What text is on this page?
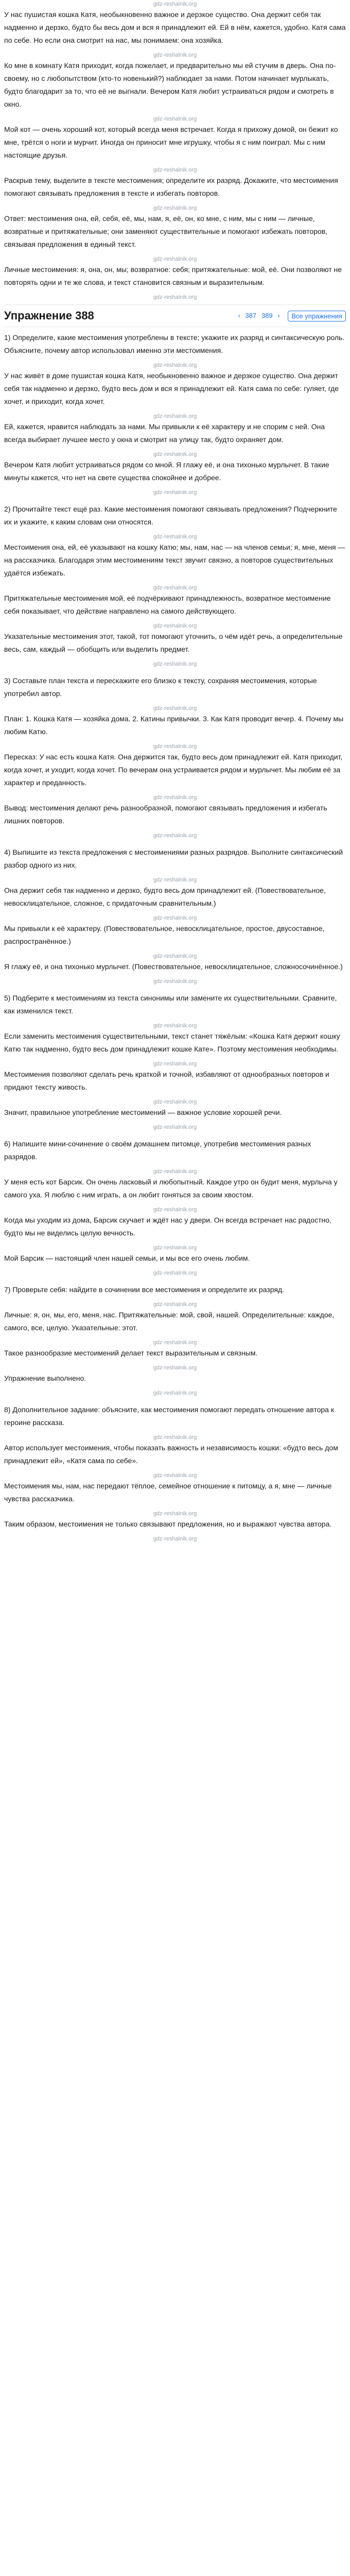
gdz-reshalnik.org

У нас пушистая кошка Катя, необыкновенно важное и дерзкое существо. Она держит себя так надменно и дерзко, будто бы весь дом и вся я принадлежит ей. Ей в нём, кажется, удобно. Катя сама по себе. Но если она смотрит на нас, мы понимаем: она хозяйка.

gdz-reshalnik.org

Ко мне в комнату Катя приходит, когда пожелает, и предварительно мы ей стучим в дверь. Она по-своему, но с любопытством (кто-то новенький?) наблюдает за нами. Потом начинает мурлыкать, будто благодарит за то, что её не выгнали. Вечером Катя любит устраиваться рядом и смотреть в окно.

gdz-reshalnik.org

Мой кот — очень хороший кот, который всегда меня встречает. Когда я прихожу домой, он бежит ко мне, трётся о ноги и мурчит. Иногда он приносит мне игрушку, чтобы я с ним поиграл. Мы с ним настоящие друзья.

gdz-reshalnik.org

Раскрыв тему, выделите в тексте местоимения; определите их разряд. Докажите, что местоимения помогают связывать предложения в тексте и избегать повторов.

gdz-reshalnik.org

Ответ: местоимения она, ей, себя, её, мы, нам, я, её, он, ко мне, с ним, мы с ним — личные, возвратные и притяжательные; они заменяют существительные и помогают избежать повторов, связывая предложения в единый текст.

gdz-reshalnik.org

Личные местоимения: я, она, он, мы; возвратное: себя; притяжательные: мой, её. Они позволяют не повторять одни и те же слова, и текст становится связным и выразительным.

gdz-reshalnik.org
Упражнение 388	‹ 387 389 ›	Все упражнения

1) Определите, какие местоимения употреблены в тексте; укажите их разряд и синтаксическую роль. Объясните, почему автор использовал именно эти местоимения.

gdz-reshalnik.org

У нас живёт в доме пушистая кошка Катя, необыкновенно важное и дерзкое существо. Она держит себя так надменно и дерзко, будто весь дом и вся я принадлежит ей. Катя сама по себе: гуляет, где хочет, и приходит, когда хочет.

gdz-reshalnik.org

Ей, кажется, нравится наблюдать за нами. Мы привыкли к её характеру и не спорим с ней. Она всегда выбирает лучшее место у окна и смотрит на улицу так, будто охраняет дом.

gdz-reshalnik.org

Вечером Катя любит устраиваться рядом со мной. Я глажу её, и она тихонько мурлычет. В такие минуты кажется, что нет на свете существа спокойнее и добрее.

gdz-reshalnik.org

2) Прочитайте текст ещё раз. Какие местоимения помогают связывать предложения? Подчеркните их и укажите, к каким словам они относятся.

gdz-reshalnik.org

Местоимения она, ей, её указывают на кошку Катю; мы, нам, нас — на членов семьи; я, мне, меня — на рассказчика. Благодаря этим местоимениям текст звучит связно, а повторов существительных удаётся избежать.

gdz-reshalnik.org

Притяжательные местоимения мой, её подчёркивают принадлежность, возвратное местоимение себя показывает, что действие направлено на самого действующего.

gdz-reshalnik.org

Указательные местоимения этот, такой, тот помогают уточнить, о чём идёт речь, а определительные весь, сам, каждый — обобщить или выделить предмет.

gdz-reshalnik.org

3) Составьте план текста и перескажите его близко к тексту, сохраняя местоимения, которые употребил автор.

gdz-reshalnik.org

План: 1. Кошка Катя — хозяйка дома. 2. Катины привычки. 3. Как Катя проводит вечер. 4. Почему мы любим Катю.

gdz-reshalnik.org

Пересказ: У нас есть кошка Катя. Она держится так, будто весь дом принадлежит ей. Катя приходит, когда хочет, и уходит, когда хочет. По вечерам она устраивается рядом и мурлычет. Мы любим её за характер и преданность.

gdz-reshalnik.org

Вывод: местоимения делают речь разнообразной, помогают связывать предложения и избегать лишних повторов.

gdz-reshalnik.org

4) Выпишите из текста предложения с местоимениями разных разрядов. Выполните синтаксический разбор одного из них.

gdz-reshalnik.org

Она держит себя так надменно и дерзко, будто весь дом принадлежит ей. (Повествовательное, невосклицательное, сложное, с придаточным сравнительным.)

gdz-reshalnik.org

Мы привыкли к её характеру. (Повествовательное, невосклицательное, простое, двусоставное, распространённое.)

gdz-reshalnik.org

Я глажу её, и она тихонько мурлычет. (Повествовательное, невосклицательное, сложносочинённое.)

gdz-reshalnik.org

5) Подберите к местоимениям из текста синонимы или замените их существительными. Сравните, как изменился текст.

gdz-reshalnik.org

Если заменить местоимения существительными, текст станет тяжёлым: «Кошка Катя держит кошку Катю так надменно, будто весь дом принадлежит кошке Кате». Поэтому местоимения необходимы.

gdz-reshalnik.org

Местоимения позволяют сделать речь краткой и точной, избавляют от однообразных повторов и придают тексту живость.

gdz-reshalnik.org

Значит, правильное употребление местоимений — важное условие хорошей речи.

gdz-reshalnik.org

6) Напишите мини-сочинение о своём домашнем питомце, употребив местоимения разных разрядов.

gdz-reshalnik.org

У меня есть кот Барсик. Он очень ласковый и любопытный. Каждое утро он будит меня, мурлыча у самого уха. Я люблю с ним играть, а он любит гоняться за своим хвостом.

gdz-reshalnik.org

Когда мы уходим из дома, Барсик скучает и ждёт нас у двери. Он всегда встречает нас радостно, будто мы не виделись целую вечность.

gdz-reshalnik.org

Мой Барсик — настоящий член нашей семьи, и мы все его очень любим.

gdz-reshalnik.org

7) Проверьте себя: найдите в сочинении все местоимения и определите их разряд.

gdz-reshalnik.org

Личные: я, он, мы, его, меня, нас. Притяжательные: мой, свой, нашей. Определительные: каждое, самого, все, целую. Указательные: этот.

gdz-reshalnik.org

Такое разнообразие местоимений делает текст выразительным и связным.

gdz-reshalnik.org

Упражнение выполнено.

gdz-reshalnik.org

8) Дополнительное задание: объясните, как местоимения помогают передать отношение автора к героине рассказа.

gdz-reshalnik.org

Автор использует местоимения, чтобы показать важность и независимость кошки: «будто весь дом принадлежит ей», «Катя сама по себе».

gdz-reshalnik.org

Местоимения мы, нам, нас передают тёплое, семейное отношение к питомцу, а я, мне — личные чувства рассказчика.

gdz-reshalnik.org

Таким образом, местоимения не только связывают предложения, но и выражают чувства автора.

gdz-reshalnik.org
